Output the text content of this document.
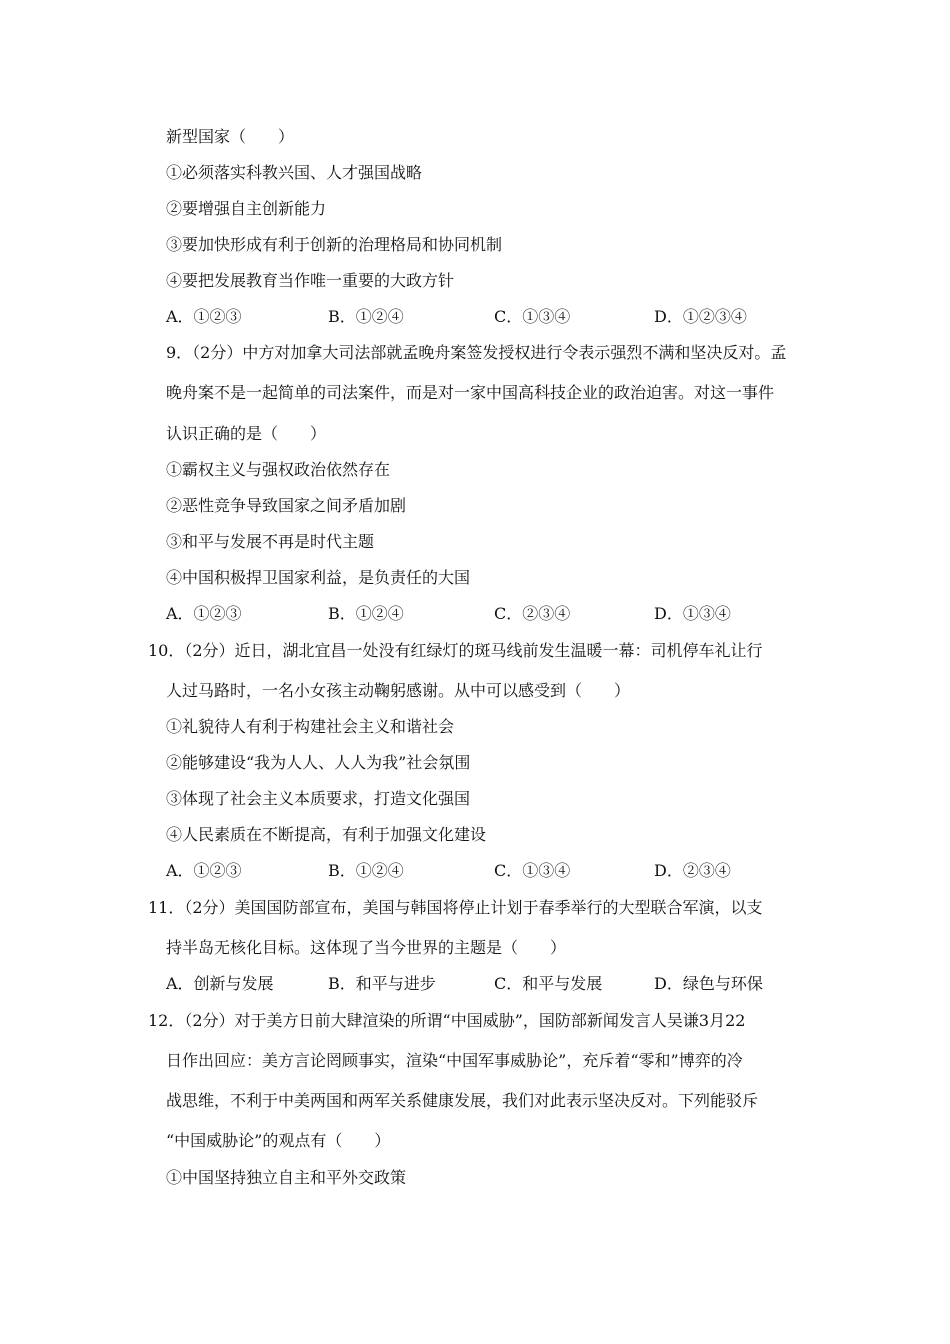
新型国家（　　）
①必须落实科教兴国、人才强国战略
②要增强自主创新能力
③要加快形成有利于创新的治理格局和协同机制
④要把发展教育当作唯一重要的大政方针
A．①②③	B．①②④	C．①③④	D．①②③④
9．（2分）中方对加拿大司法部就孟晚舟案签发授权进行令表示强烈不满和坚决反对。孟
晚舟案不是一起简单的司法案件，而是对一家中国高科技企业的政治迫害。对这一事件
认识正确的是（　　）
①霸权主义与强权政治依然存在
②恶性竞争导致国家之间矛盾加剧
③和平与发展不再是时代主题
④中国积极捍卫国家利益，是负责任的大国
A．①②③	B．①②④	C．②③④	D．①③④
10．（2分）近日，湖北宜昌一处没有红绿灯的斑马线前发生温暖一幕：司机停车礼让行
人过马路时，一名小女孩主动鞠躬感谢。从中可以感受到（　　）
①礼貌待人有利于构建社会主义和谐社会
②能够建设“我为人人、人人为我”社会氛围
③体现了社会主义本质要求，打造文化强国
④人民素质在不断提高，有利于加强文化建设
A．①②③	B．①②④	C．①③④	D．②③④
11．（2分）美国国防部宣布，美国与韩国将停止计划于春季举行的大型联合军演，以支
持半岛无核化目标。这体现了当今世界的主题是（　　）
A．创新与发展	B．和平与进步	C．和平与发展	D．绿色与环保
12．（2分）对于美方日前大肆渲染的所谓“中国威胁”，国防部新闻发言人吴谦3月22
日作出回应：美方言论罔顾事实，渲染“中国军事威胁论”，充斥着“零和”博弈的冷
战思维，不利于中美两国和两军关系健康发展，我们对此表示坚决反对。下列能驳斥
“中国威胁论”的观点有（　　）
①中国坚持独立自主和平外交政策
